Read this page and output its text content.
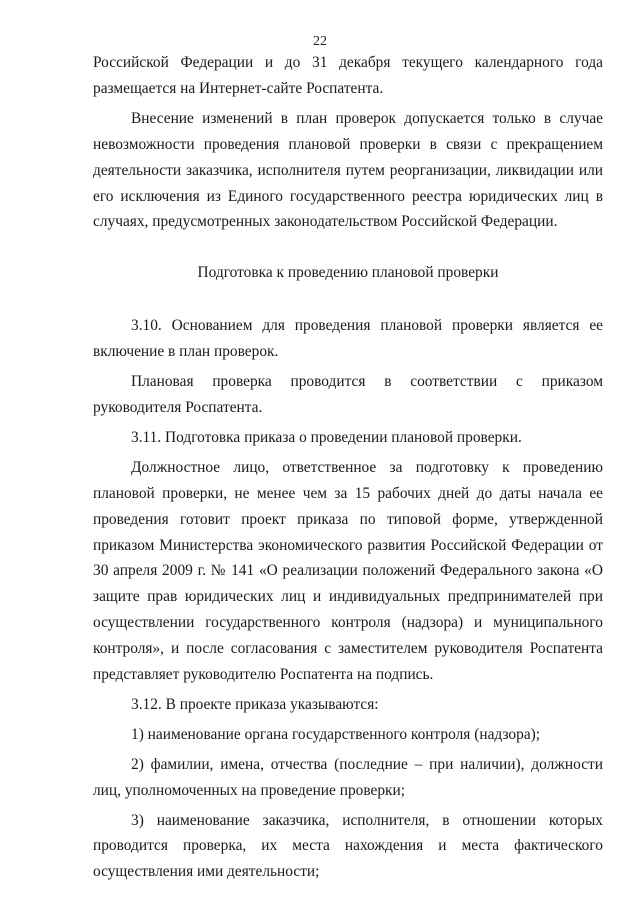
22

Российской Федерации и до 31 декабря текущего календарного года размещается на Интернет-сайте Роспатента.

Внесение изменений в план проверок допускается только в случае невозможности проведения плановой проверки в связи с прекращением деятельности заказчика, исполнителя путем реорганизации, ликвидации или его исключения из Единого государственного реестра юридических лиц в случаях, предусмотренных законодательством Российской Федерации.

Подготовка к проведению плановой проверки

3.10. Основанием для проведения плановой проверки является ее включение в план проверок.

Плановая проверка проводится в соответствии с приказом руководителя Роспатента.

3.11. Подготовка приказа о проведении плановой проверки.

Должностное лицо, ответственное за подготовку к проведению плановой проверки, не менее чем за 15 рабочих дней до даты начала ее проведения готовит проект приказа по типовой форме, утвержденной приказом Министерства экономического развития Российской Федерации от 30 апреля 2009 г. № 141 «О реализации положений Федерального закона «О защите прав юридических лиц и индивидуальных предпринимателей при осуществлении государственного контроля (надзора) и муниципального контроля», и после согласования с заместителем руководителя Роспатента представляет руководителю Роспатента на подпись.

3.12. В проекте приказа указываются:

1) наименование органа государственного контроля (надзора);

2) фамилии, имена, отчества (последние – при наличии), должности лиц, уполномоченных на проведение проверки;

3) наименование заказчика, исполнителя, в отношении которых проводится проверка, их места нахождения и места фактического осуществления ими деятельности;
